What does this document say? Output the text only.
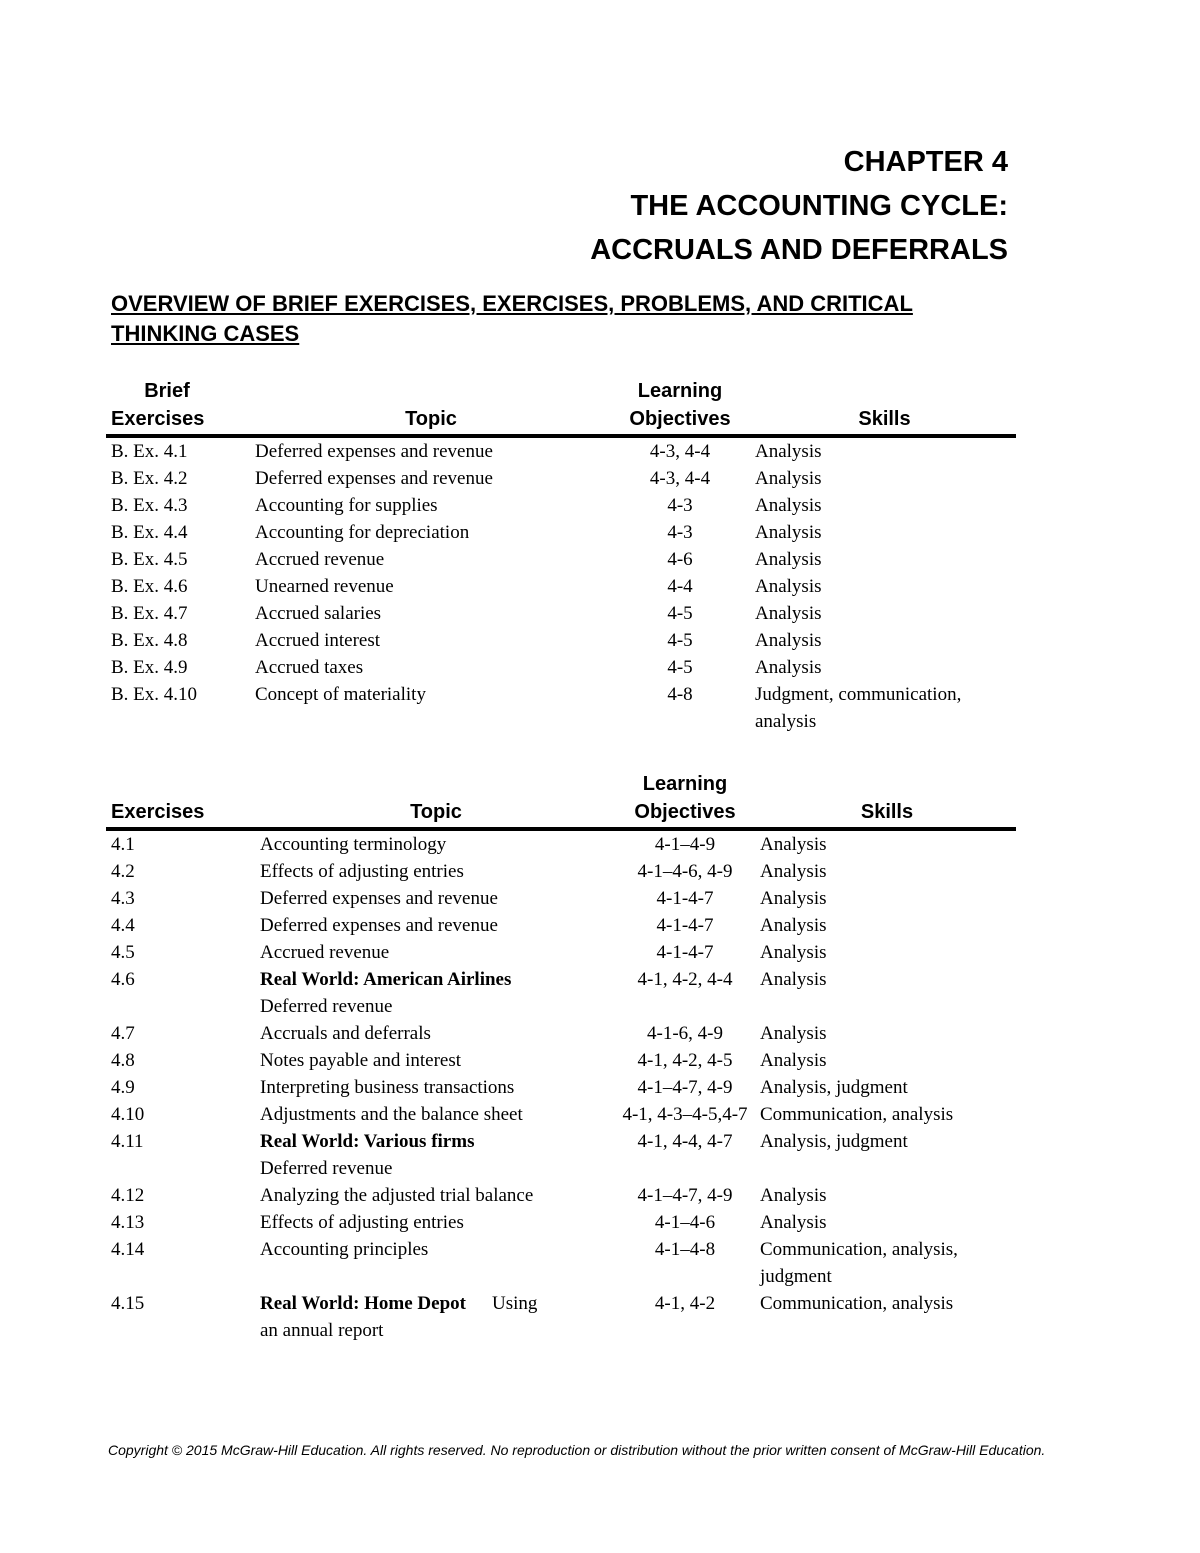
CHAPTER 4
THE ACCOUNTING CYCLE:
ACCRUALS AND DEFERRALS
OVERVIEW OF BRIEF EXERCISES, EXERCISES, PROBLEMS, AND CRITICAL THINKING CASES
Brief
Exercises	Topic	Learning
Objectives	Skills
B. Ex. 4.1	Deferred expenses and revenue	4-3, 4-4	Analysis
B. Ex. 4.2	Deferred expenses and revenue	4-3, 4-4	Analysis
B. Ex. 4.3	Accounting for supplies	4-3	Analysis
B. Ex. 4.4	Accounting for depreciation	4-3	Analysis
B. Ex. 4.5	Accrued revenue	4-6	Analysis
B. Ex. 4.6	Unearned revenue	4-4	Analysis
B. Ex. 4.7	Accrued salaries	4-5	Analysis
B. Ex. 4.8	Accrued interest	4-5	Analysis
B. Ex. 4.9	Accrued taxes	4-5	Analysis
B. Ex. 4.10	Concept of materiality	4-8	Judgment, communication,
analysis
Exercises	Topic	Learning
Objectives	Skills
4.1	Accounting terminology	4-1–4-9	Analysis
4.2	Effects of adjusting entries	4-1–4-6, 4-9	Analysis
4.3	Deferred expenses and revenue	4-1-4-7	Analysis
4.4	Deferred expenses and revenue	4-1-4-7	Analysis
4.5	Accrued revenue	4-1-4-7	Analysis
4.6	Real World: American Airlines
Deferred revenue	4-1, 4-2, 4-4	Analysis
4.7	Accruals and deferrals	4-1-6, 4-9	Analysis
4.8	Notes payable and interest	4-1, 4-2, 4-5	Analysis
4.9	Interpreting business transactions	4-1–4-7, 4-9	Analysis, judgment
4.10	Adjustments and the balance sheet	4-1, 4-3–4-5,4-7	Communication, analysis
4.11	Real World: Various firms
Deferred revenue	4-1, 4-4, 4-7	Analysis, judgment
4.12	Analyzing the adjusted trial balance	4-1–4-7, 4-9	Analysis
4.13	Effects of adjusting entries	4-1–4-6	Analysis
4.14	Accounting principles	4-1–4-8	Communication, analysis,
judgment

4.15	Real World: Home Depot Using
an annual report	4-1, 4-2	Communication, analysis
Copyright © 2015 McGraw-Hill Education. All rights reserved. No reproduction or distribution without the prior written consent of McGraw-Hill Education.
